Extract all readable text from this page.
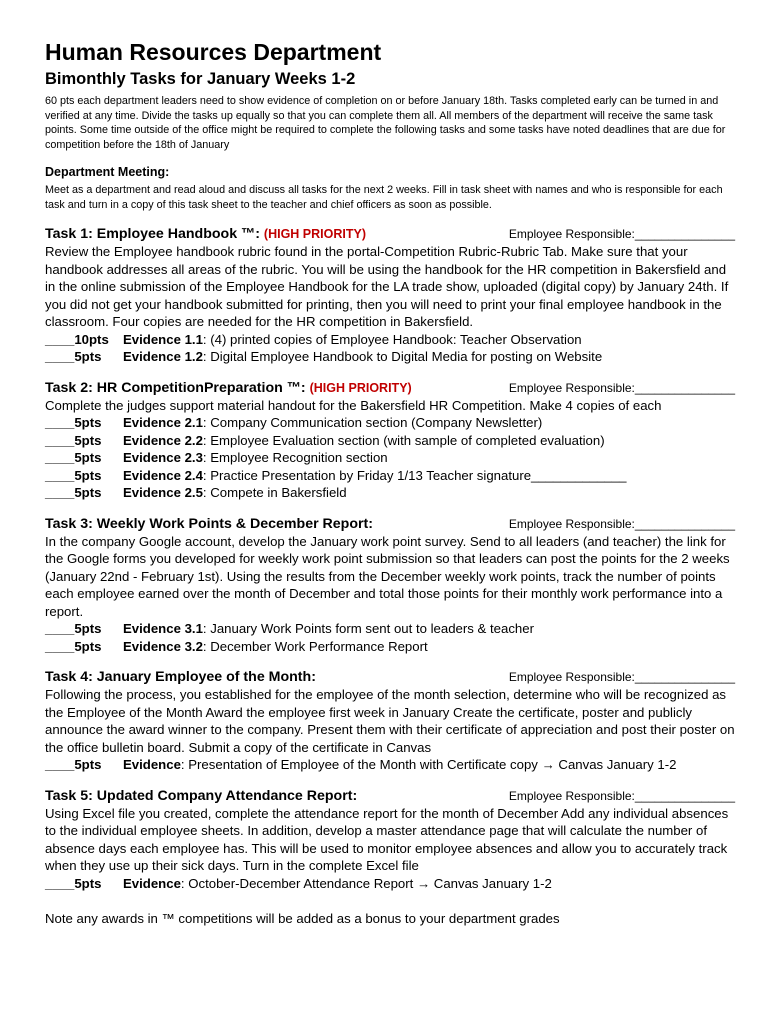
Human Resources Department
Bimonthly Tasks for January Weeks 1-2

60 pts each department leaders need to show evidence of completion on or before January 18th. Tasks completed early can be turned in and verified at any time. Divide the tasks up equally so that you can complete them all. All members of the department will receive the same task points. Some time outside of the office might be required to complete the following tasks and some tasks have noted deadlines that are due for competition before the 18th of January

Department Meeting:

Meet as a department and read aloud and discuss all tasks for the next 2 weeks. Fill in task sheet with names and who is responsible for each task and turn in a copy of this task sheet to the teacher and chief officers as soon as possible.

Task 1: Employee Handbook ™: (HIGH PRIORITY)	Employee Responsible:_______________

Review the Employee handbook rubric found in the portal-Competition Rubric-Rubric Tab. Make sure that your handbook addresses all areas of the rubric. You will be using the handbook for the HR competition in Bakersfield and in the online submission of the Employee Handbook for the LA trade show, uploaded (digital copy) by January 24th. If you did not get your handbook submitted for printing, then you will need to print your final employee handbook in the classroom. Four copies are needed for the HR competition in Bakersfield.

____10pts	Evidence 1.1: (4) printed copies of Employee Handbook: Teacher Observation
____5pts	Evidence 1.2: Digital Employee Handbook to Digital Media for posting on Website
Task 2: HR CompetitionPreparation ™: (HIGH PRIORITY)	Employee Responsible:_______________

Complete the judges support material handout for the Bakersfield HR Competition. Make 4 copies of each

____5pts	Evidence 2.1: Company Communication section (Company Newsletter)
____5pts	Evidence 2.2: Employee Evaluation section (with sample of completed evaluation)
____5pts	Evidence 2.3: Employee Recognition section
____5pts	Evidence 2.4: Practice Presentation by Friday 1/13 Teacher signature_____________
____5pts	Evidence 2.5: Compete in Bakersfield
Task 3: Weekly Work Points & December Report:	Employee Responsible:_______________

In the company Google account, develop the January work point survey. Send to all leaders (and teacher) the link for the Google forms you developed for weekly work point submission so that leaders can post the points for the 2 weeks (January 22nd - February 1st). Using the results from the December weekly work points, track the number of points each employee earned over the month of December and total those points for their monthly work performance into a report.

____5pts	Evidence 3.1: January Work Points form sent out to leaders & teacher
____5pts	Evidence 3.2: December Work Performance Report
Task 4: January Employee of the Month:	Employee Responsible:_______________

Following the process, you established for the employee of the month selection, determine who will be recognized as the Employee of the Month Award the employee first week in January Create the certificate, poster and publicly announce the award winner to the company. Present them with their certificate of appreciation and post their poster on the office bulletin board. Submit a copy of the certificate in Canvas

____5pts	Evidence: Presentation of Employee of the Month with Certificate copy → Canvas January 1-2
Task 5: Updated Company Attendance Report:	Employee Responsible:_______________

Using Excel file you created, complete the attendance report for the month of December Add any individual absences to the individual employee sheets. In addition, develop a master attendance page that will calculate the number of absence days each employee has. This will be used to monitor employee absences and allow you to accurately track when they use up their sick days. Turn in the complete Excel file

____5pts	Evidence: October-December Attendance Report → Canvas January 1-2
Note any awards in ™ competitions will be added as a bonus to your department grades
